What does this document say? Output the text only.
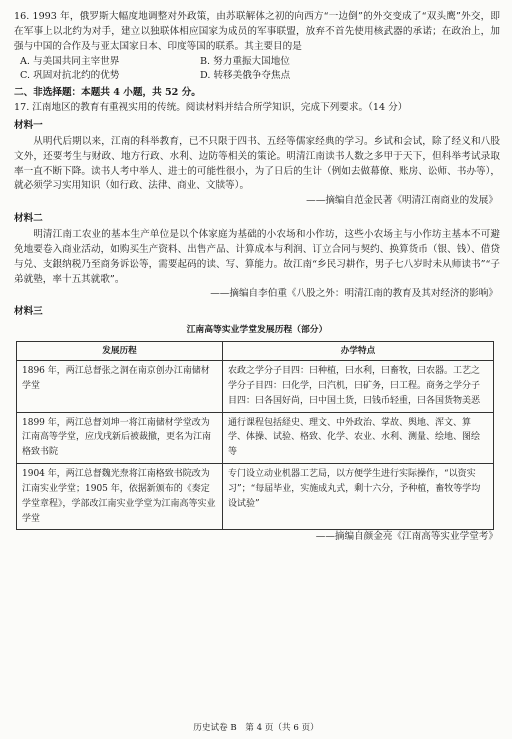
16. 1993 年，俄罗斯大幅度地调整对外政策，由苏联解体之初的向西方“一边倒”的外交变成了“双头鹰”外交，即在军事上以北约为对手，建立以独联体相应国家为成员的军事联盟，放弃不首先使用核武器的承诺；在政治上，加强与中国的合作及与亚太国家日本、印度等国的联系。其主要目的是

A. 与美国共同主宰世界	B. 努力重振大国地位
C. 巩固对抗北约的优势	D. 转移美俄争夺焦点

二、非选择题：本题共 4 小题，共 52 分。

17. 江南地区的教育有重视实用的传统。阅读材料并结合所学知识，完成下列要求。（14 分）

材料一

从明代后期以来，江南的科举教育，已不只限于四书、五经等儒家经典的学习。乡试和会试，除了经义和八股文外，还要考生与财政、地方行政、水利、边防等相关的策论。明清江南读书人数之多甲于天下，但科举考试录取率一直不断下降。读书人考中举人、进士的可能性很小，为了日后的生计（例如去做幕僚、账房、讼师、书办等），就必须学习实用知识（如行政、法律、商业、文牍等）。

——摘编自范金民著《明清江南商业的发展》

材料二

明清江南工农业的基本生产单位是以个体家庭为基础的小农场和小作坊，这些小农场主与小作坊主基本不可避免地要卷入商业活动，如购买生产资料、出售产品、计算成本与利润、订立合同与契约、换算货币（银、钱）、借贷与兑、支銀纳税乃至商务诉讼等，需要起码的读、写、算能力。故江南“乡民习耕作，男子七八岁时未从师读书”“子弟就塾，率十五其就歌”。

——摘编自李伯重《八股之外：明清江南的教育及其对经济的影响》

材料三

江南高等实业学堂发展历程（部分）

发展历程	办学特点
1896 年，两江总督张之洞在南京创办江南储材学堂	农政之学分子目四：曰种植，曰水利，曰畜牧，曰农器。工艺之学分子目四：曰化学，曰汽机，曰矿务，曰工程。商务之学分子目四：曰各国好尚，曰中国土货，曰钱币轻重，曰各国货物美恶
1899 年，两江总督刘坤一将江南储材学堂改为江南高等学堂，应戊戌新后被裁撤，更名为江南格致书院	通行课程包括経史、理文、中外政治、掌故、舆地、浑文、算学、体操、试验、格致、化学、农业、水利、测量、绘地、图绘等
1904 年，两江总督魏光焘将江南格致书院改为江南实业学堂；1905 年，依据新颁布的《奏定学堂章程》，学部改江南实业学堂为江南高等实业学堂	专门设立动业机器工艺局，以方便学生进行实际操作，“以资实习”；“每届毕业，实施成丸式，剩十六分，予种植，畜牧等学均设试验”

——摘编自颜金亮《江南高等实业学堂考》

历史试卷 B　第 4 页（共 6 页）
